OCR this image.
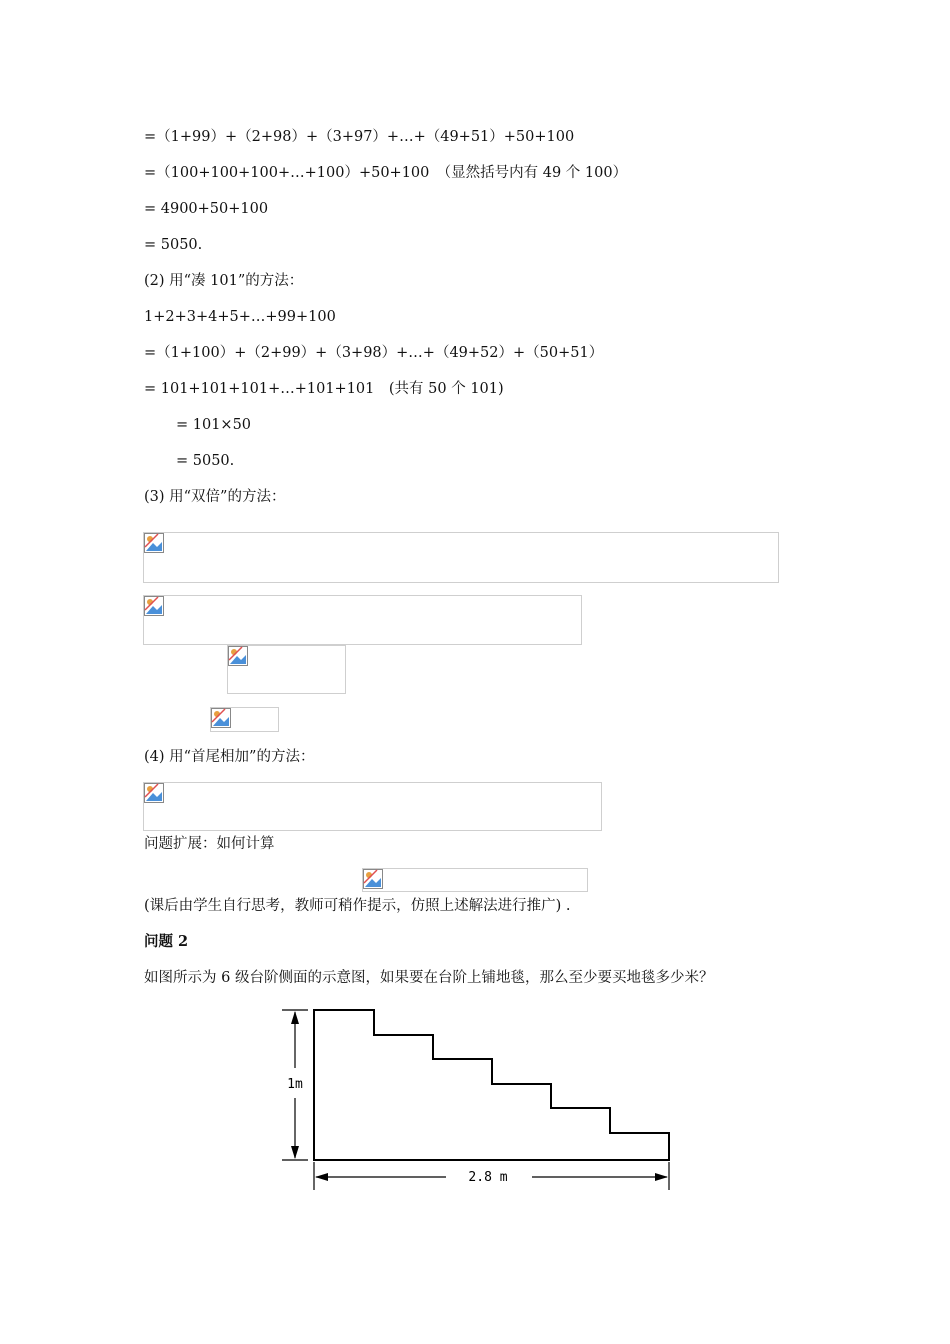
=（1+99）+（2+98）+（3+97）+…+（49+51）+50+100
=（100+100+100+…+100）+50+100　（显然括号内有 49 个 100）
= 4900+50+100
= 5050.
(2) 用“凑 101”的方法：
1+2+3+4+5+…+99+100
=（1+100）+（2+99）+（3+98）+…+（49+52）+（50+51）
= 101+101+101+…+101+101　(共有 50 个 101)
= 101×50
= 5050.
(3) 用“双倍”的方法：
(4) 用“首尾相加”的方法：
问题扩展：如何计算
(课后由学生自行思考，教师可稍作提示，仿照上述解法进行推广) .
问题 2
如图所示为 6 级台阶侧面的示意图，如果要在台阶上铺地毯，那么至少要买地毯多少米？
1m
2.8 m
